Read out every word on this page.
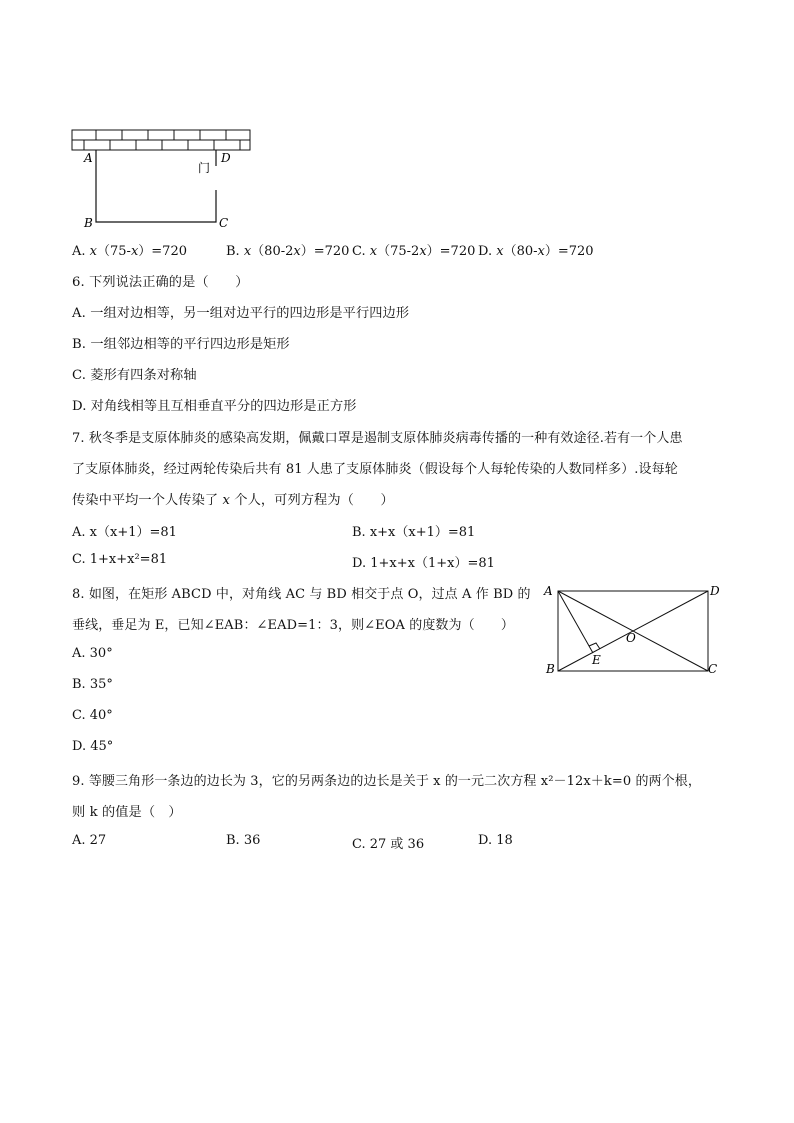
A	D
门
B	C
A. x（75-x）=720	B. x（80-2x）=720 C. x（75-2x）=720 D. x（80-x）=720
6. 下列说法正确的是（　　）
A. 一组对边相等，另一组对边平行的四边形是平行四边形
B. 一组邻边相等的平行四边形是矩形
C. 菱形有四条对称轴
D. 对角线相等且互相垂直平分的四边形是正方形
7. 秋冬季是支原体肺炎的感染高发期，佩戴口罩是遏制支原体肺炎病毒传播的一种有效途径.若有一个人患
了支原体肺炎，经过两轮传染后共有 81 人患了支原体肺炎（假设每个人每轮传染的人数同样多）.设每轮
传染中平均一个人传染了 x 个人，可列方程为（　　）
A. x（x+1）=81	B. x+x（x+1）=81
C. 1+x+x²=81	D. 1+x+x（1+x）=81
8. 如图，在矩形 ABCD 中，对角线 AC 与 BD 相交于点 O，过点 A 作 BD 的
垂线，垂足为 E，已知∠EAB：∠EAD=1：3，则∠EOA 的度数为（　　）
A. 30°
B. 35°
C. 40°
D. 45°
A	D
B	C
O
E
9. 等腰三角形一条边的边长为 3，它的另两条边的边长是关于 x 的一元二次方程 x²－12x＋k=0 的两个根，
则 k 的值是（　）
A. 27	B. 36	C. 27 或 36	D. 18
